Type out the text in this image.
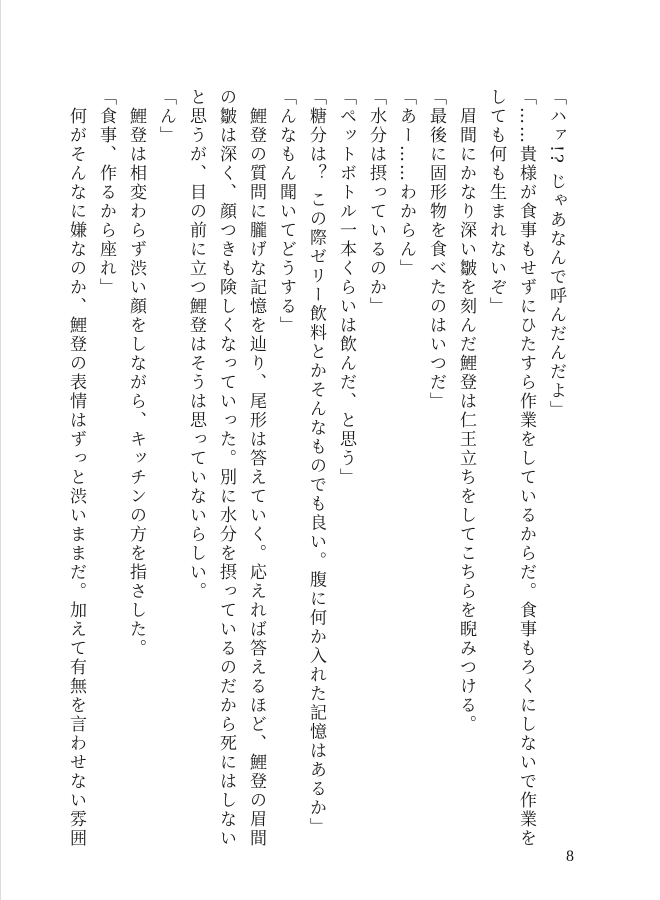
「ハァ!? じゃあなんで呼んだんだよ」
「……貴様が食事もせずにひたすら作業をしているからだ。食事もろくにしないで作業を
しても何も生まれないぞ」
　眉間にかなり深い皺を刻んだ鯉登は仁王立ちをしてこちらを睨みつける。
「最後に固形物を食べたのはいつだ」
「あー……わからん」
「水分は摂っているのか」
「ペットボトル一本くらいは飲んだ、と思う」
「糖分は？ この際ゼリー飲料とかそんなものでも良い。腹に何か入れた記憶はあるか」
「んなもん聞いてどうする」
　鯉登の質問に朧げな記憶を辿り、尾形は答えていく。応えれば答えるほど、鯉登の眉間
の皺は深く、顔つきも険しくなっていった。別に水分を摂っているのだから死にはしない
と思うが、目の前に立つ鯉登はそうは思っていないらしい。
「ん」
　鯉登は相変わらず渋い顔をしながら、キッチンの方を指さした。
「食事、作るから座れ」
　何がそんなに嫌なのか、鯉登の表情はずっと渋いままだ。加えて有無を言わせない雰囲
8
